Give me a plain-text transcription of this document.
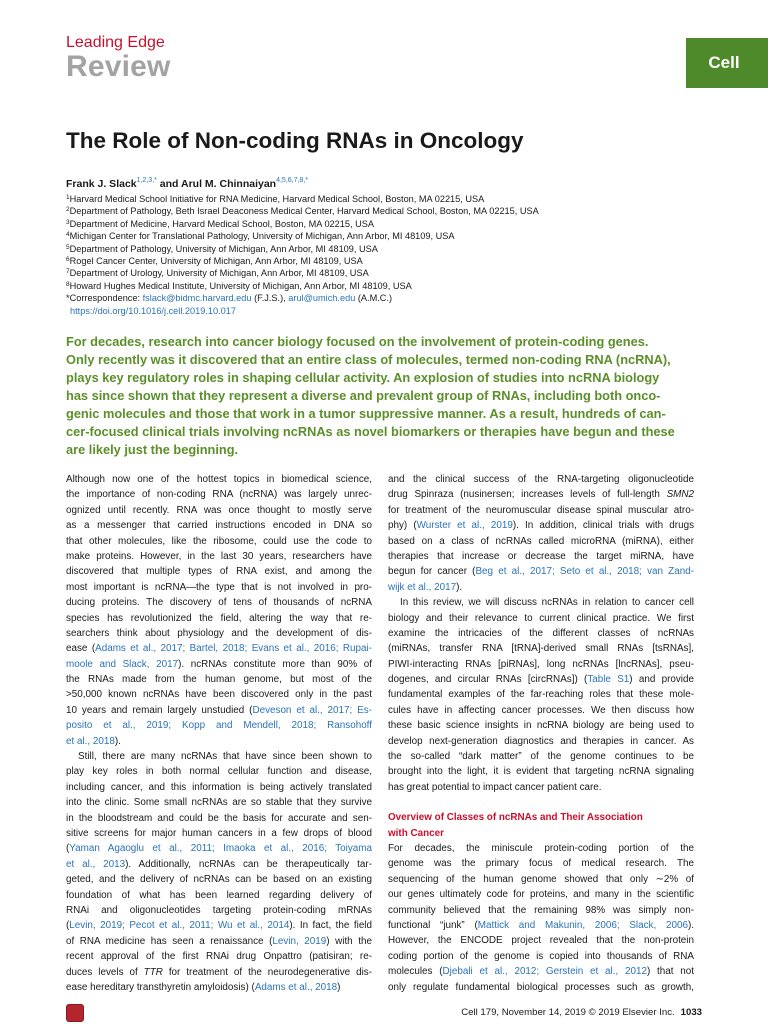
Leading Edge
Review	Cell
The Role of Non-coding RNAs in Oncology
Frank J. Slack$^{1,2,3,*}$ and Arul M. Chinnaiyan$^{4,5,6,7,8,*}$
$^1$Harvard Medical School Initiative for RNA Medicine, Harvard Medical School, Boston, MA 02215, USA
$^2$Department of Pathology, Beth Israel Deaconess Medical Center, Harvard Medical School, Boston, MA 02215, USA
$^3$Department of Medicine, Harvard Medical School, Boston, MA 02215, USA
$^4$Michigan Center for Translational Pathology, University of Michigan, Ann Arbor, MI 48109, USA
$^5$Department of Pathology, University of Michigan, Ann Arbor, MI 48109, USA
$^6$Rogel Cancer Center, University of Michigan, Ann Arbor, MI 48109, USA
$^7$Department of Urology, University of Michigan, Ann Arbor, MI 48109, USA
$^8$Howard Hughes Medical Institute, University of Michigan, Ann Arbor, MI 48109, USA
*Correspondence: fslack@bidmc.harvard.edu (F.J.S.), arul@umich.edu (A.M.C.)
https://doi.org/10.1016/j.cell.2019.10.017
For decades, research into cancer biology focused on the involvement of protein-coding genes.
Only recently was it discovered that an entire class of molecules, termed non-coding RNA (ncRNA),
plays key regulatory roles in shaping cellular activity. An explosion of studies into ncRNA biology
has since shown that they represent a diverse and prevalent group of RNAs, including both onco-
genic molecules and those that work in a tumor suppressive manner. As a result, hundreds of can-
cer-focused clinical trials involving ncRNAs as novel biomarkers or therapies have begun and these
are likely just the beginning.
Although now one of the hottest topics in biomedical science,
the importance of non-coding RNA (ncRNA) was largely unrec-
ognized until recently. RNA was once thought to mostly serve
as a messenger that carried instructions encoded in DNA so
that other molecules, like the ribosome, could use the code to
make proteins. However, in the last 30 years, researchers have
discovered that multiple types of RNA exist, and among the
most important is ncRNA—the type that is not involved in pro-
ducing proteins. The discovery of tens of thousands of ncRNA
species has revolutionized the field, altering the way that re-
searchers think about physiology and the development of dis-
ease (Adams et al., 2017; Bartel, 2018; Evans et al., 2016; Rupai-
moole and Slack, 2017). ncRNAs constitute more than 90% of
the RNAs made from the human genome, but most of the
>50,000 known ncRNAs have been discovered only in the past
10 years and remain largely unstudied (Deveson et al., 2017; Es-
posito et al., 2019; Kopp and Mendell, 2018; Ransohoff
et al., 2018).
Still, there are many ncRNAs that have since been shown to
play key roles in both normal cellular function and disease,
including cancer, and this information is being actively translated
into the clinic. Some small ncRNAs are so stable that they survive
in the bloodstream and could be the basis for accurate and sen-
sitive screens for major human cancers in a few drops of blood
(Yaman Agaoglu et al., 2011; Imaoka et al., 2016; Toiyama
et al., 2013). Additionally, ncRNAs can be therapeutically tar-
geted, and the delivery of ncRNAs can be based on an existing
foundation of what has been learned regarding delivery of
RNAi and oligonucleotides targeting protein-coding mRNAs
(Levin, 2019; Pecot et al., 2011; Wu et al., 2014). In fact, the field
of RNA medicine has seen a renaissance (Levin, 2019) with the
recent approval of the first RNAi drug Onpattro (patisiran; re-
duces levels of TTR for treatment of the neurodegenerative dis-
ease hereditary transthyretin amyloidosis) (Adams et al., 2018)
and the clinical success of the RNA-targeting oligonucleotide
drug Spinraza (nusinersen; increases levels of full-length SMN2
for treatment of the neuromuscular disease spinal muscular atro-
phy) (Wurster et al., 2019). In addition, clinical trials with drugs
based on a class of ncRNAs called microRNA (miRNA), either
therapies that increase or decrease the target miRNA, have
begun for cancer (Beg et al., 2017; Seto et al., 2018; van Zand-
wijk et al., 2017).
In this review, we will discuss ncRNAs in relation to cancer cell
biology and their relevance to current clinical practice. We first
examine the intricacies of the different classes of ncRNAs
(miRNAs, transfer RNA [tRNA]-derived small RNAs [tsRNAs],
PIWI-interacting RNAs [piRNAs], long ncRNAs [lncRNAs], pseu-
dogenes, and circular RNAs [circRNAs]) (Table S1) and provide
fundamental examples of the far-reaching roles that these mole-
cules have in affecting cancer processes. We then discuss how
these basic science insights in ncRNA biology are being used to
develop next-generation diagnostics and therapies in cancer. As
the so-called “dark matter” of the genome continues to be
brought into the light, it is evident that targeting ncRNA signaling
has great potential to impact cancer patient care.
Overview of Classes of ncRNAs and Their Association
with Cancer
For decades, the miniscule protein-coding portion of the
genome was the primary focus of medical research. The
sequencing of the human genome showed that only ∼2% of
our genes ultimately code for proteins, and many in the scientific
community believed that the remaining 98% was simply non-
functional “junk” (Mattick and Makunin, 2006; Slack, 2006).
However, the ENCODE project revealed that the non-protein
coding portion of the genome is copied into thousands of RNA
molecules (Djebali et al., 2012; Gerstein et al., 2012) that not
only regulate fundamental biological processes such as growth,
Cell 179, November 14, 2019 © 2019 Elsevier Inc. 1033
